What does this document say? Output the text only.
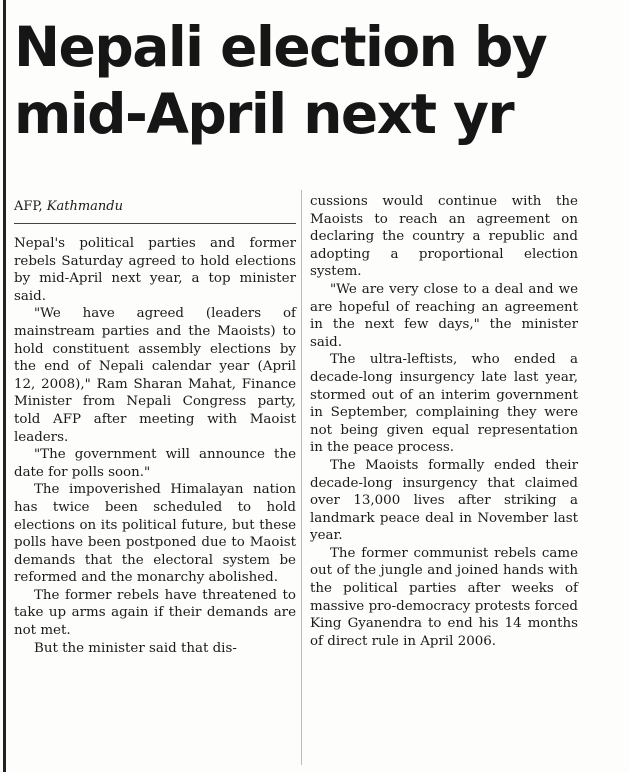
Nepali election by
mid-April next yr
AFP, Kathmandu

Nepal's political parties and former rebels Saturday agreed to hold elections by mid-April next year, a top minister said.

"We have agreed (leaders of mainstream parties and the Maoists) to hold constituent assembly elections by the end of Nepali calendar year (April 12, 2008)," Ram Sharan Mahat, Finance Minister from Nepali Congress party, told AFP after meeting with Maoist leaders.

"The government will announce the date for polls soon."

The impoverished Himalayan nation has twice been scheduled to hold elections on its political future, but these polls have been postponed due to Maoist demands that the electoral system be reformed and the monarchy abolished.

The former rebels have threatened to take up arms again if their demands are not met.

But the minister said that dis-

cussions would continue with the Maoists to reach an agreement on declaring the country a republic and adopting a proportional election system.

"We are very close to a deal and we are hopeful of reaching an agreement in the next few days," the minister said.

The ultra-leftists, who ended a decade-long insurgency late last year, stormed out of an interim government in September, complaining they were not being given equal representation in the peace process.

The Maoists formally ended their decade-long insurgency that claimed over 13,000 lives after striking a landmark peace deal in November last year.

The former communist rebels came out of the jungle and joined hands with the political parties after weeks of massive pro-democracy protests forced King Gyanendra to end his 14 months of direct rule in April 2006.
